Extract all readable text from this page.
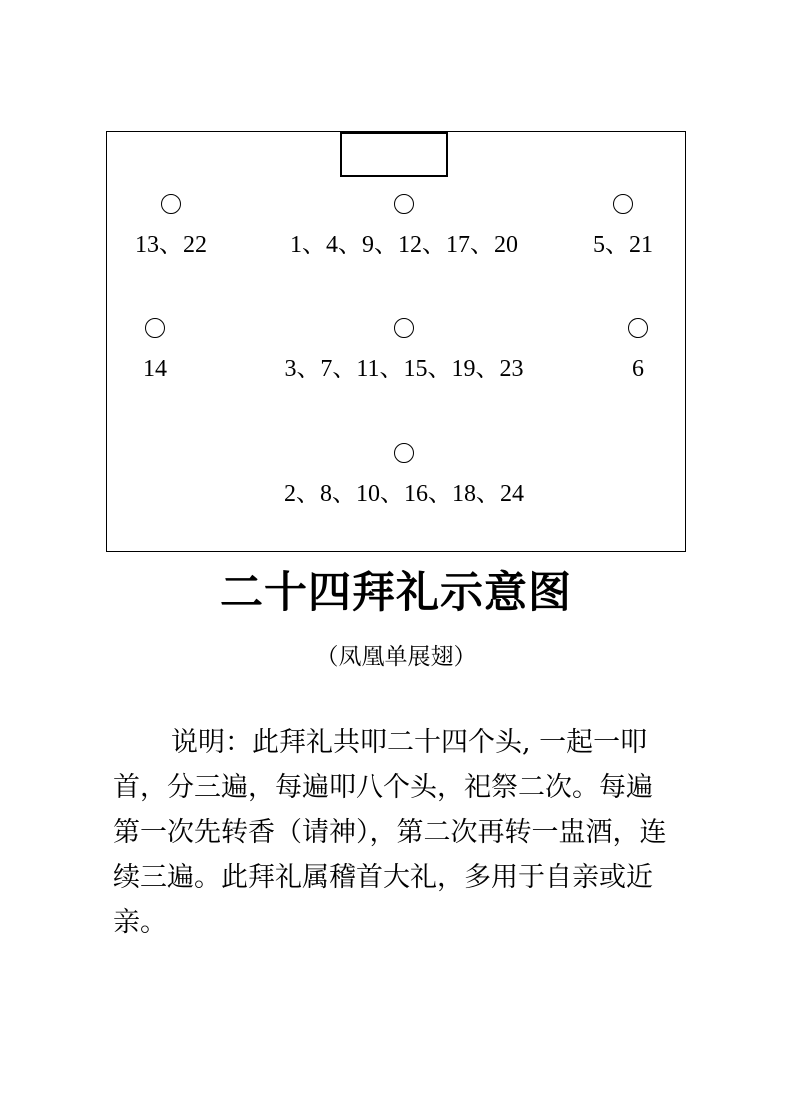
13、22	1、4、9、12、17、20	5、21
14	3、7、11、15、19、23	6
2、8、10、16、18、24
二十四拜礼示意图
（凤凰单展翅）

说明：此拜礼共叩二十四个头, 一起一叩首，分三遍，每遍叩八个头，祀祭二次。每遍第一次先转香（请神），第二次再转一盅酒，连续三遍。此拜礼属稽首大礼，多用于自亲或近亲。
